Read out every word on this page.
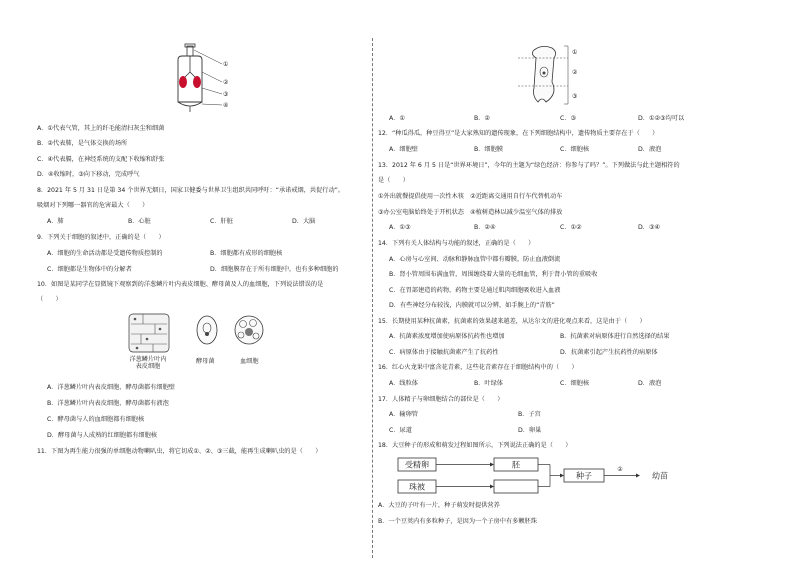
①
②
③
④
A．①代表气管，其上的纤毛能清扫灰尘和细菌
B．②代表肺，是气体交换的场所
C．④代表膈，在神经系统的支配下收缩和舒张
D．④收缩时，③向下移动，完成呼气
8．2021 年 5 月 31 日是第 34 个世界无烟日，国家卫健委与世界卫生组织共同呼吁：“承诺戒烟，共促行动”。
吸烟对下列哪一器官的危害最大（　　）
A．肺	B．心脏	C．肝脏	D．大脑
9．下列关于细胞的叙述中，正确的是（　　）
A．细胞的生命活动都是受遗传物质控制的	B．细胞都有成形的细胞核
C．细胞都是生物体中的分解者	D．细胞膜存在于所有细胞中，也有多种细胞的
10．如图是某同学在显微镜下观察到的洋葱鳞片叶内表皮细胞、酵母菌及人的血细胞，下列说法错误的是
（　　）
洋葱鳞片叶内表皮细胞
酵母菌	血细胞
A．洋葱鳞片叶内表皮细胞、酵母菌都有细胞壁
B．洋葱鳞片叶内表皮细胞、酵母菌都有液泡
C．酵母菌与人的血细胞都有细胞核
D．酵母菌与人成熟的红细胞都有细胞核
11．下图为再生能力很强的单细胞动物喇叭虫，将它切成①、②、③三截，能再生成喇叭虫的是（　　）
①
②
③
A．①	B．②	C．③	D．①②③均可以
12．“种瓜得瓜，种豆得豆”是大家熟知的遗传现象，在下列细胞结构中，遗传物质主要存在于（　　）
A．细胞壁	B．细胞膜	C．细胞核	D．液泡
13．2012 年 6 月 5 日是“世界环境日”，今年的主题为“绿色经济：你参与了吗？”。下列做法与此主题相符的
是（　　）
①外出就餐提倡使用一次性木筷　②近距离交通用自行车代替机动车
③办公室电脑始终处于开机状态　④植树造林以减少温室气体的排放
A．①③	B．②④	C．①②	D．③④
14．下列有关人体结构与功能的叙述，正确的是（　　）
A．心房与心室间、动脉和静脉血管中都有瓣膜，防止血液倒流
B．肾小管周围布满血管，周围缠绕着大量的毛细血管，利于肾小管的重吸收
C．在胃部建造的药物，药物主要是通过肌肉细胞吸收进入血液
D．有些神经分布较浅，内膜就可以分辨，如手腕上的“青筋”
15．长期使用某种抗菌素，抗菌素的效果越来越差，从达尔文的进化观点来看，这是由于（　　）
A．抗菌素浓度增加使病原体抗药性也增加	B．抗菌素对病原体进行自然选择的结果
C．病原体由于接触抗菌素产生了抗药性	D．抗菌素引起产生抗药性的病原体
16．红心火龙果中富含花青素，这些花青素存在于细胞结构中的（　　）
A．线粒体	B．叶绿体	C．细胞核	D．液泡
17．人体精子与卵细胞结合的部位是（　　）
A．输卵管	B．子宫
C．尿道	D．卵巢
18．大豆种子的形成和萌发过程如图所示，下列说法正确的是（　　）
受精卵
珠被
胚
种子
②
幼苗
A．大豆的子叶有一片，种子萌发时提供营养
B．一个豆荚内有多粒种子，是因为一个子房中有多颗胚珠
